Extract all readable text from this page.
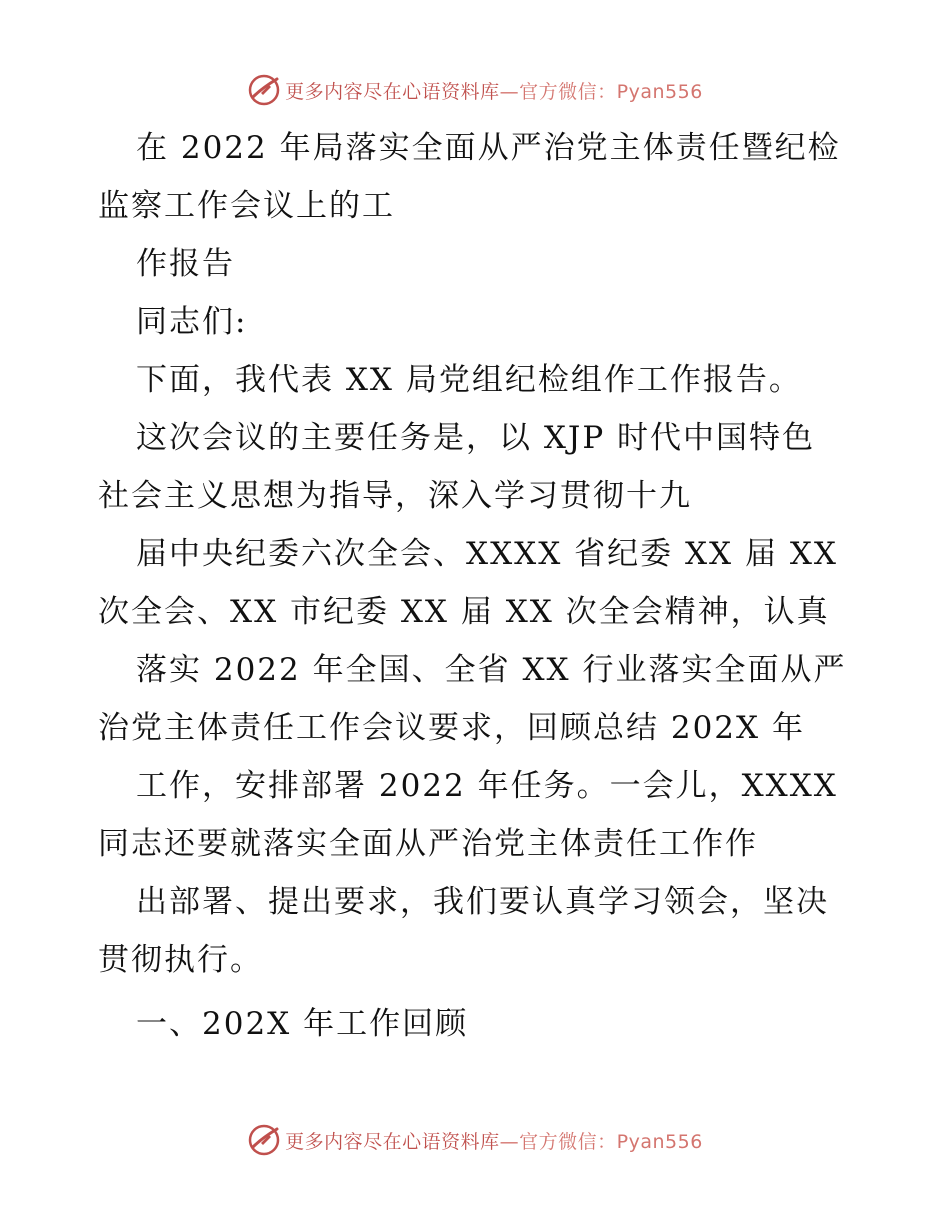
更多内容尽在心语资料库—官方微信：Pyan556
在 2022 年局落实全面从严治党主体责任暨纪检
监察工作会议上的工
作报告
同志们:
下面，我代表 XX 局党组纪检组作工作报告。
这次会议的主要任务是，以 XJP 时代中国特色
社会主义思想为指导，深入学习贯彻十九
届中央纪委六次全会、XXXX 省纪委 XX 届 XX
次全会、XX 市纪委 XX 届 XX 次全会精神，认真
落实 2022 年全国、全省 XX 行业落实全面从严
治党主体责任工作会议要求，回顾总结 202X 年
工作，安排部署 2022 年任务。一会儿，XXXX
同志还要就落实全面从严治党主体责任工作作
出部署、提出要求，我们要认真学习领会，坚决
贯彻执行。
一、202X 年工作回顾
更多内容尽在心语资料库—官方微信：Pyan556
